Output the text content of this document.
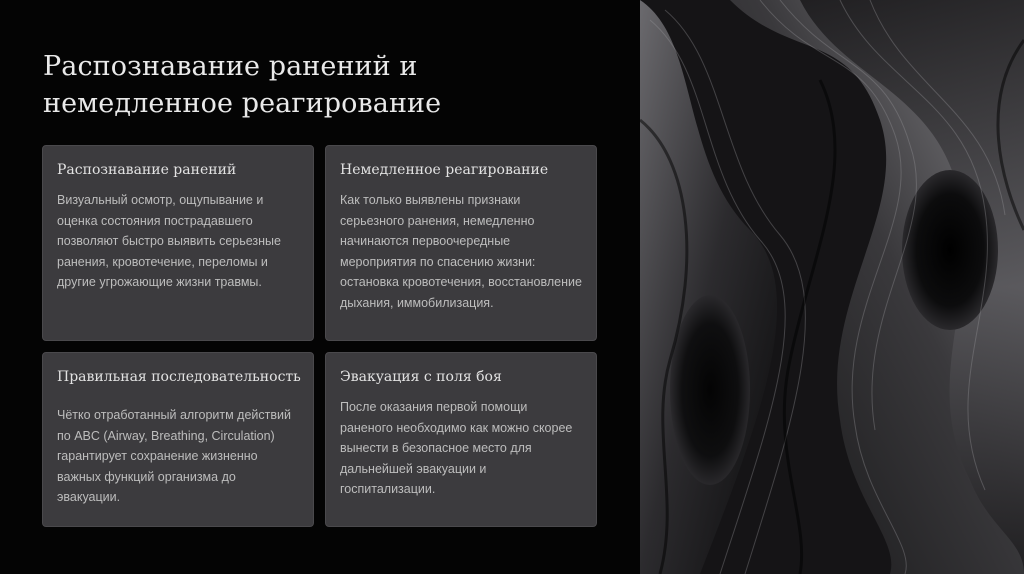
Распознавание ранений и немедленное реагирование
Распознавание ранений

Визуальный осмотр, ощупывание и оценка состояния пострадавшего позволяют быстро выявить серьезные ранения, кровотечение, переломы и другие угрожающие жизни травмы.

Немедленное реагирование

Как только выявлены признаки серьезного ранения, немедленно начинаются первоочередные мероприятия по спасению жизни: остановка кровотечения, восстановление дыхания, иммобилизация.

Правильная последовательность

Чётко отработанный алгоритм действий по ABC (Airway, Breathing, Circulation) гарантирует сохранение жизненно важных функций организма до эвакуации.

Эвакуация с поля боя

После оказания первой помощи раненого необходимо как можно скорее вынести в безопасное место для дальнейшей эвакуации и госпитализации.
